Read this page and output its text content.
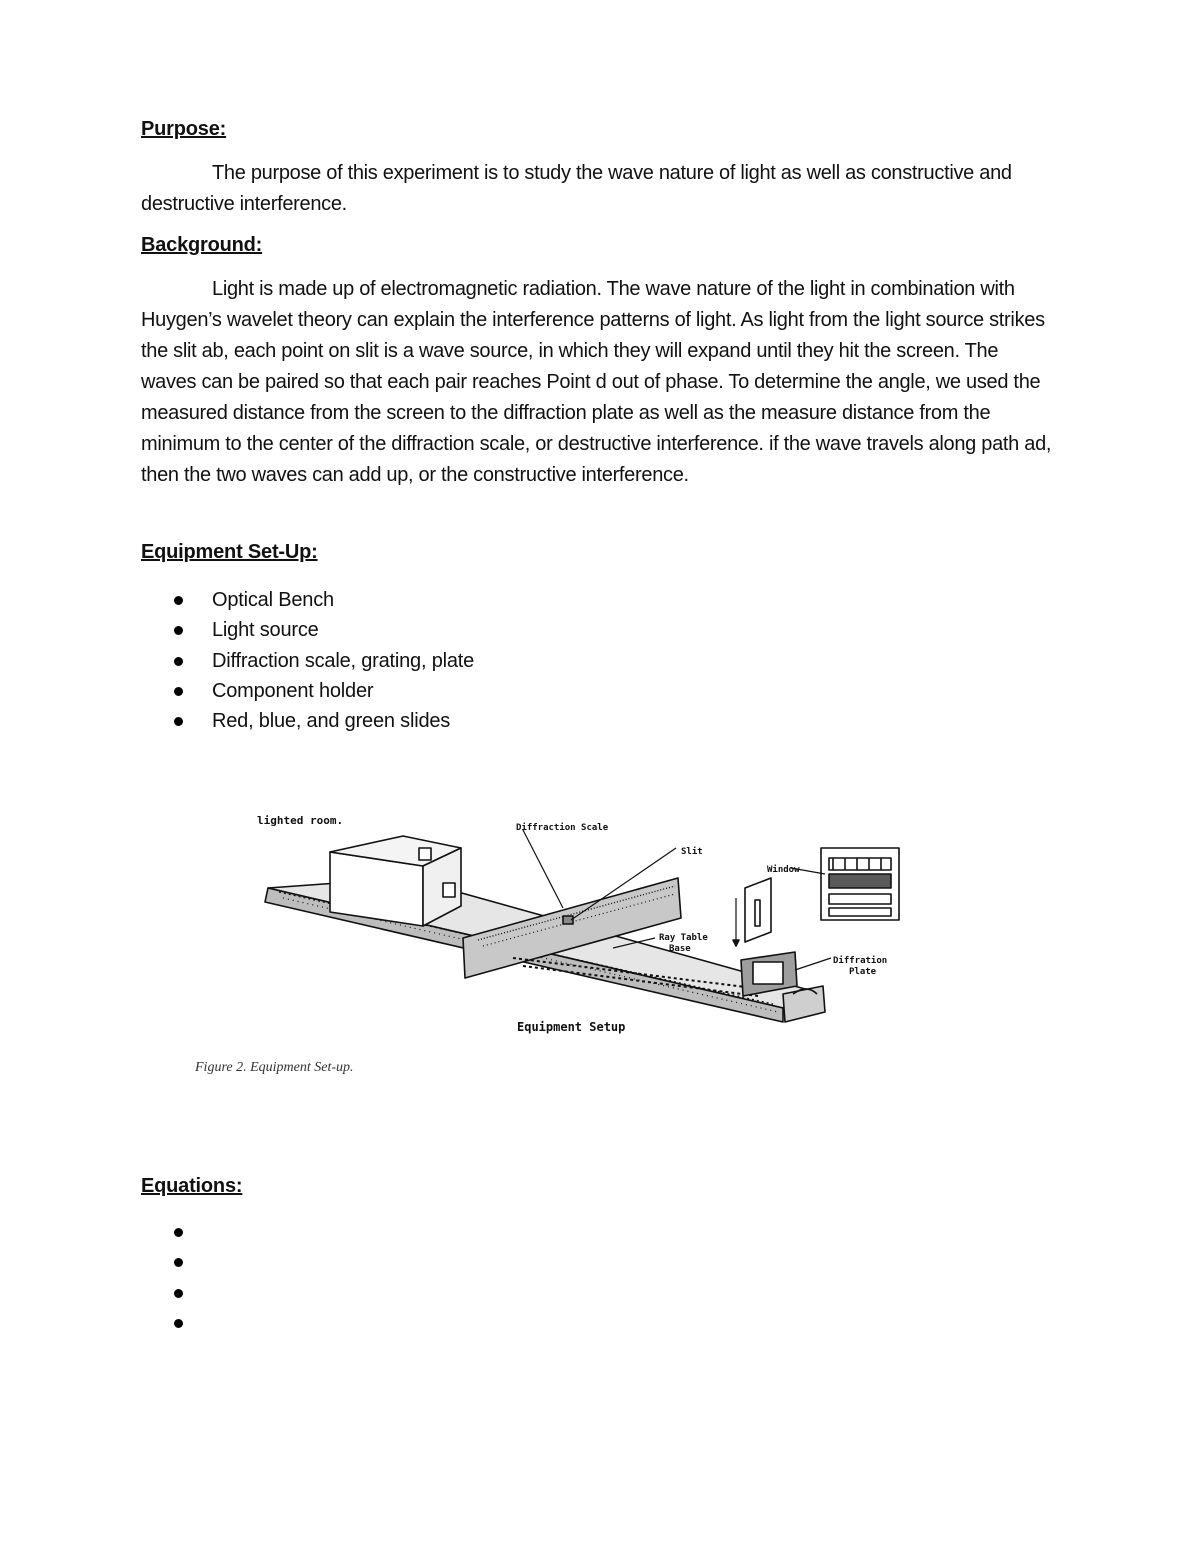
Purpose:

The purpose of this experiment is to study the wave nature of light as well as constructive and destructive interference.

Background:

Light is made up of electromagnetic radiation. The wave nature of the light in combination with Huygen’s wavelet theory can explain the interference patterns of light. As light from the light source strikes the slit ab, each point on slit is a wave source, in which they will expand until they hit the screen. The waves can be paired so that each pair reaches Point d out of phase. To determine the angle, we used the measured distance from the screen to the diffraction plate as well as the measure distance from the minimum to the center of the diffraction scale, or destructive interference. if the wave travels along path ad, then the two waves can add up, or the constructive interference.

Equipment Set-Up:
Optical Bench
Light source
Diffraction scale, grating, plate
Component holder
Red, blue, and green slides
lighted room.
Diffraction Scale
Slit
Window
Ray Table
Base
Diffration
Plate
Equipment Setup

Figure 2. Equipment Set-up.

Equations:
